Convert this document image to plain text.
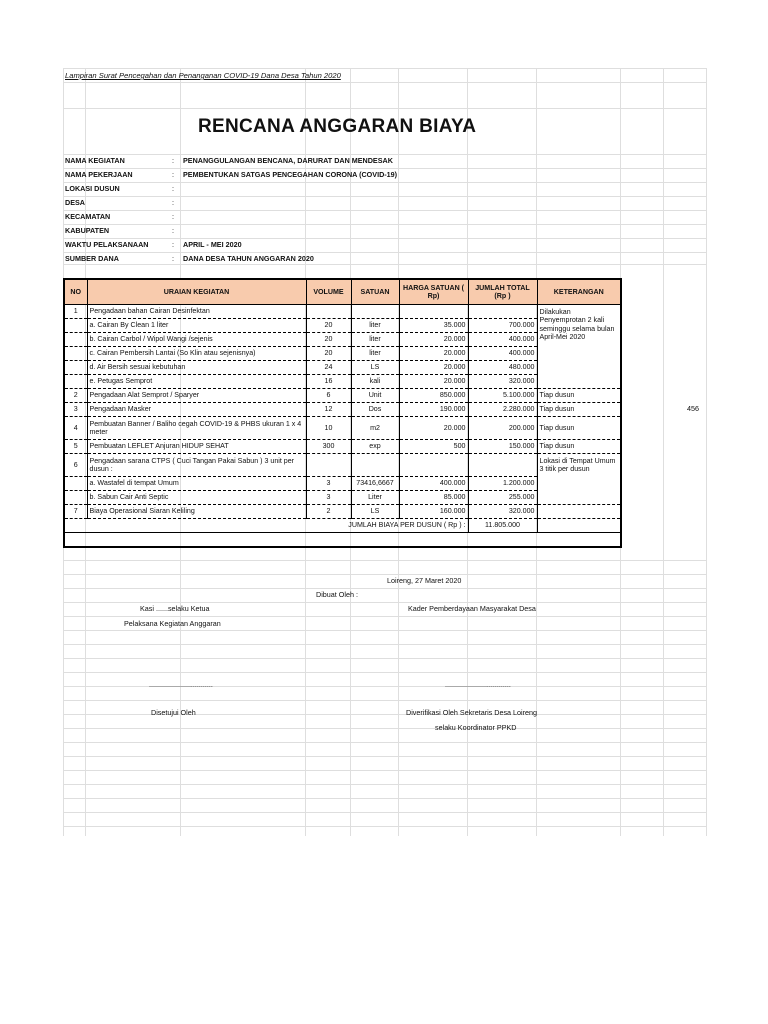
Lampiran Surat Pencegahan dan Penanganan COVID-19 Dana Desa Tahun 2020
RENCANA ANGGARAN BIAYA
NAMA KEGIATAN	: PENANGGULANGAN BENCANA, DARURAT DAN MENDESAK
NAMA PEKERJAAN	: PEMBENTUKAN SATGAS PENCEGAHAN CORONA (COVID-19)
LOKASI DUSUN	:
DESA	:
KECAMATAN	:
KABUPATEN	:
WAKTU PELAKSANAAN	: APRIL - MEI 2020
SUMBER DANA	: DANA DESA TAHUN ANGGARAN 2020
NO	URAIAN KEGIATAN	VOLUME	SATUAN	HARGA SATUAN ( Rp)	JUMLAH TOTAL (Rp )	KETERANGAN
1	Pengadaan bahan Cairan Desinfektan					Dilakukan Penyemprotan 2 kali seminggu selama bulan April-Mei 2020
	a. Cairan By Clean 1 liter	20	liter	35.000	700.000	
	b. Cairan Carbol / Wipol Wangi /sejenis	20	liter	20.000	400.000	
	c. Cairan Pembersih Lantai (So Klin atau sejenisnya)	20	liter	20.000	400.000	
	d. Air Bersih sesuai kebutuhan	24	LS	20.000	480.000	
	e. Petugas Semprot	16	kali	20.000	320.000	
2	Pengadaan Alat Semprot / Sparyer	6	Unit	850.000	5.100.000	Tiap dusun
3	Pengadaan Masker	12	Dos	190.000	2.280.000	Tiap dusun
4	Pembuatan Banner / Baliho cegah COVID-19 & PHBS ukuran 1 x 4 meter	10	m2	20.000	200.000	Tiap dusun
5	Pembuatan LEFLET Anjuran HIDUP SEHAT	300	exp	500	150.000	Tiap dusun
6	Pengadaan sarana CTPS ( Cuci Tangan Pakai Sabun ) 3 unit per dusun :					Lokasi di Tempat Umum 3 titik per dusun
	a. Wastafel di tempat Umum	3	73416,6667	400.000	1.200.000	
	b. Sabun Cair Anti Septic	3	Liter	85.000	255.000	
7	Biaya Operasional Siaran Keliling	2	LS	160.000	320.000	
JUMLAH BIAYA PER DUSUN ( Rp ) :					11.805.000	

456
Loireng, 27 Maret 2020
Dibuat Oleh :
Kasi ......selaku Ketua	Kader Pemberdayaan Masyarakat Desa
Pelaksana Kegiatan Anggaran
................................	.................................
Disetujui Oleh	Diverifikasi Oleh Sekretaris Desa Loireng
selaku Koordinator PPKD
